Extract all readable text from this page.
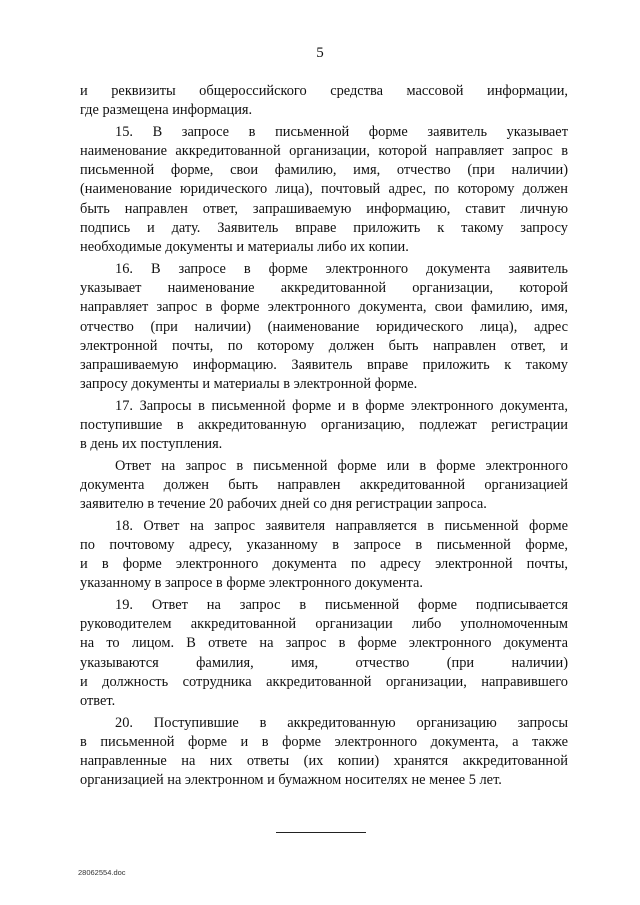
5
и реквизиты общероссийского средства массовой информации,
где размещена информация.
15. В запросе в письменной форме заявитель указывает
наименование аккредитованной организации, которой направляет запрос в
письменной форме, свои фамилию, имя, отчество (при наличии)
(наименование юридического лица), почтовый адрес, по которому должен
быть направлен ответ, запрашиваемую информацию, ставит личную
подпись и дату. Заявитель вправе приложить к такому запросу
необходимые документы и материалы либо их копии.
16. В запросе в форме электронного документа заявитель
указывает наименование аккредитованной организации, которой
направляет запрос в форме электронного документа, свои фамилию, имя,
отчество (при наличии) (наименование юридического лица), адрес
электронной почты, по которому должен быть направлен ответ, и
запрашиваемую информацию. Заявитель вправе приложить к такому
запросу документы и материалы в электронной форме.
17. Запросы в письменной форме и в форме электронного документа,
поступившие в аккредитованную организацию, подлежат регистрации
в день их поступления.
Ответ на запрос в письменной форме или в форме электронного
документа должен быть направлен аккредитованной организацией
заявителю в течение 20 рабочих дней со дня регистрации запроса.
18. Ответ на запрос заявителя направляется в письменной форме
по почтовому адресу, указанному в запросе в письменной форме,
и в форме электронного документа по адресу электронной почты,
указанному в запросе в форме электронного документа.
19. Ответ на запрос в письменной форме подписывается
руководителем аккредитованной организации либо уполномоченным
на то лицом. В ответе на запрос в форме электронного документа
указываются фамилия, имя, отчество (при наличии)
и должность сотрудника аккредитованной организации, направившего
ответ.
20. Поступившие в аккредитованную организацию запросы
в письменной форме и в форме электронного документа, а также
направленные на них ответы (их копии) хранятся аккредитованной
организацией на электронном и бумажном носителях не менее 5 лет.
28062554.doc
